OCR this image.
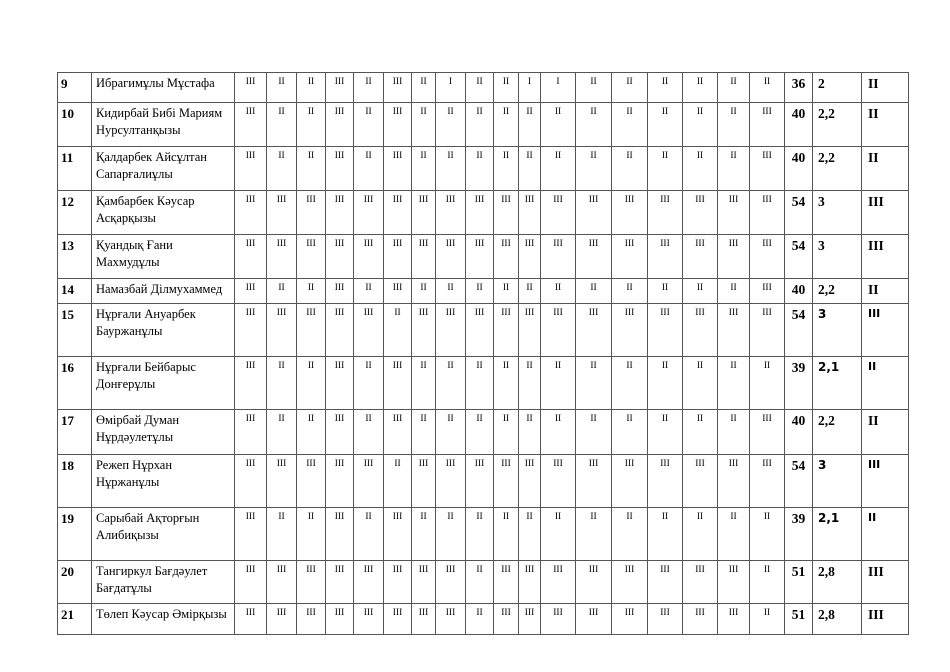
9	Ибрагимұлы Мұстафа	III	II	II	III	II	III	II	I	II	II	I	I	II	II	II	II	II	II	36	2	II
10	Кидирбай Бибі Мариям Нурсултанқызы	III	II	II	III	II	III	II	II	II	II	II	II	II	II	II	II	II	III	40	2,2	II
11	Қалдарбек Айсұлтан Сапарғалиұлы	III	II	II	III	II	III	II	II	II	II	II	II	II	II	II	II	II	III	40	2,2	II
12	Қамбарбек Кәусар Асқарқызы	III	III	III	III	III	III	III	III	III	III	III	III	III	III	III	III	III	III	54	3	III
13	Қуандық Ғани Махмудұлы	III	III	III	III	III	III	III	III	III	III	III	III	III	III	III	III	III	III	54	3	III
14	Намазбай Ділмухаммед	III	II	II	III	II	III	II	II	II	II	II	II	II	II	II	II	II	III	40	2,2	II
15	Нұрғали Ануарбек Бауржанұлы	III	III	III	III	III	II	III	III	III	III	III	III	III	III	III	III	III	III	54	3	III
16	Нұрғали Бейбарыс Донғерұлы	III	II	II	III	II	III	II	II	II	II	II	II	II	II	II	II	II	II	39	2,1	II
17	Өмірбай Думан Нұрдәулетұлы	III	II	II	III	II	III	II	II	II	II	II	II	II	II	II	II	II	III	40	2,2	II
18	Режеп Нұрхан Нұржанұлы	III	III	III	III	III	II	III	III	III	III	III	III	III	III	III	III	III	III	54	3	III
19	Сарыбай Ақторғын Алибиқызы	III	II	II	III	II	III	II	II	II	II	II	II	II	II	II	II	II	II	39	2,1	II
20	Тангиркул Бағдәулет Бағдатұлы	III	III	III	III	III	III	III	III	II	III	III	III	III	III	III	III	III	II	51	2,8	III
21	Төлеп Кәусар Әмірқызы	III	III	III	III	III	III	III	III	II	III	III	III	III	III	III	III	III	II	51	2,8	III
